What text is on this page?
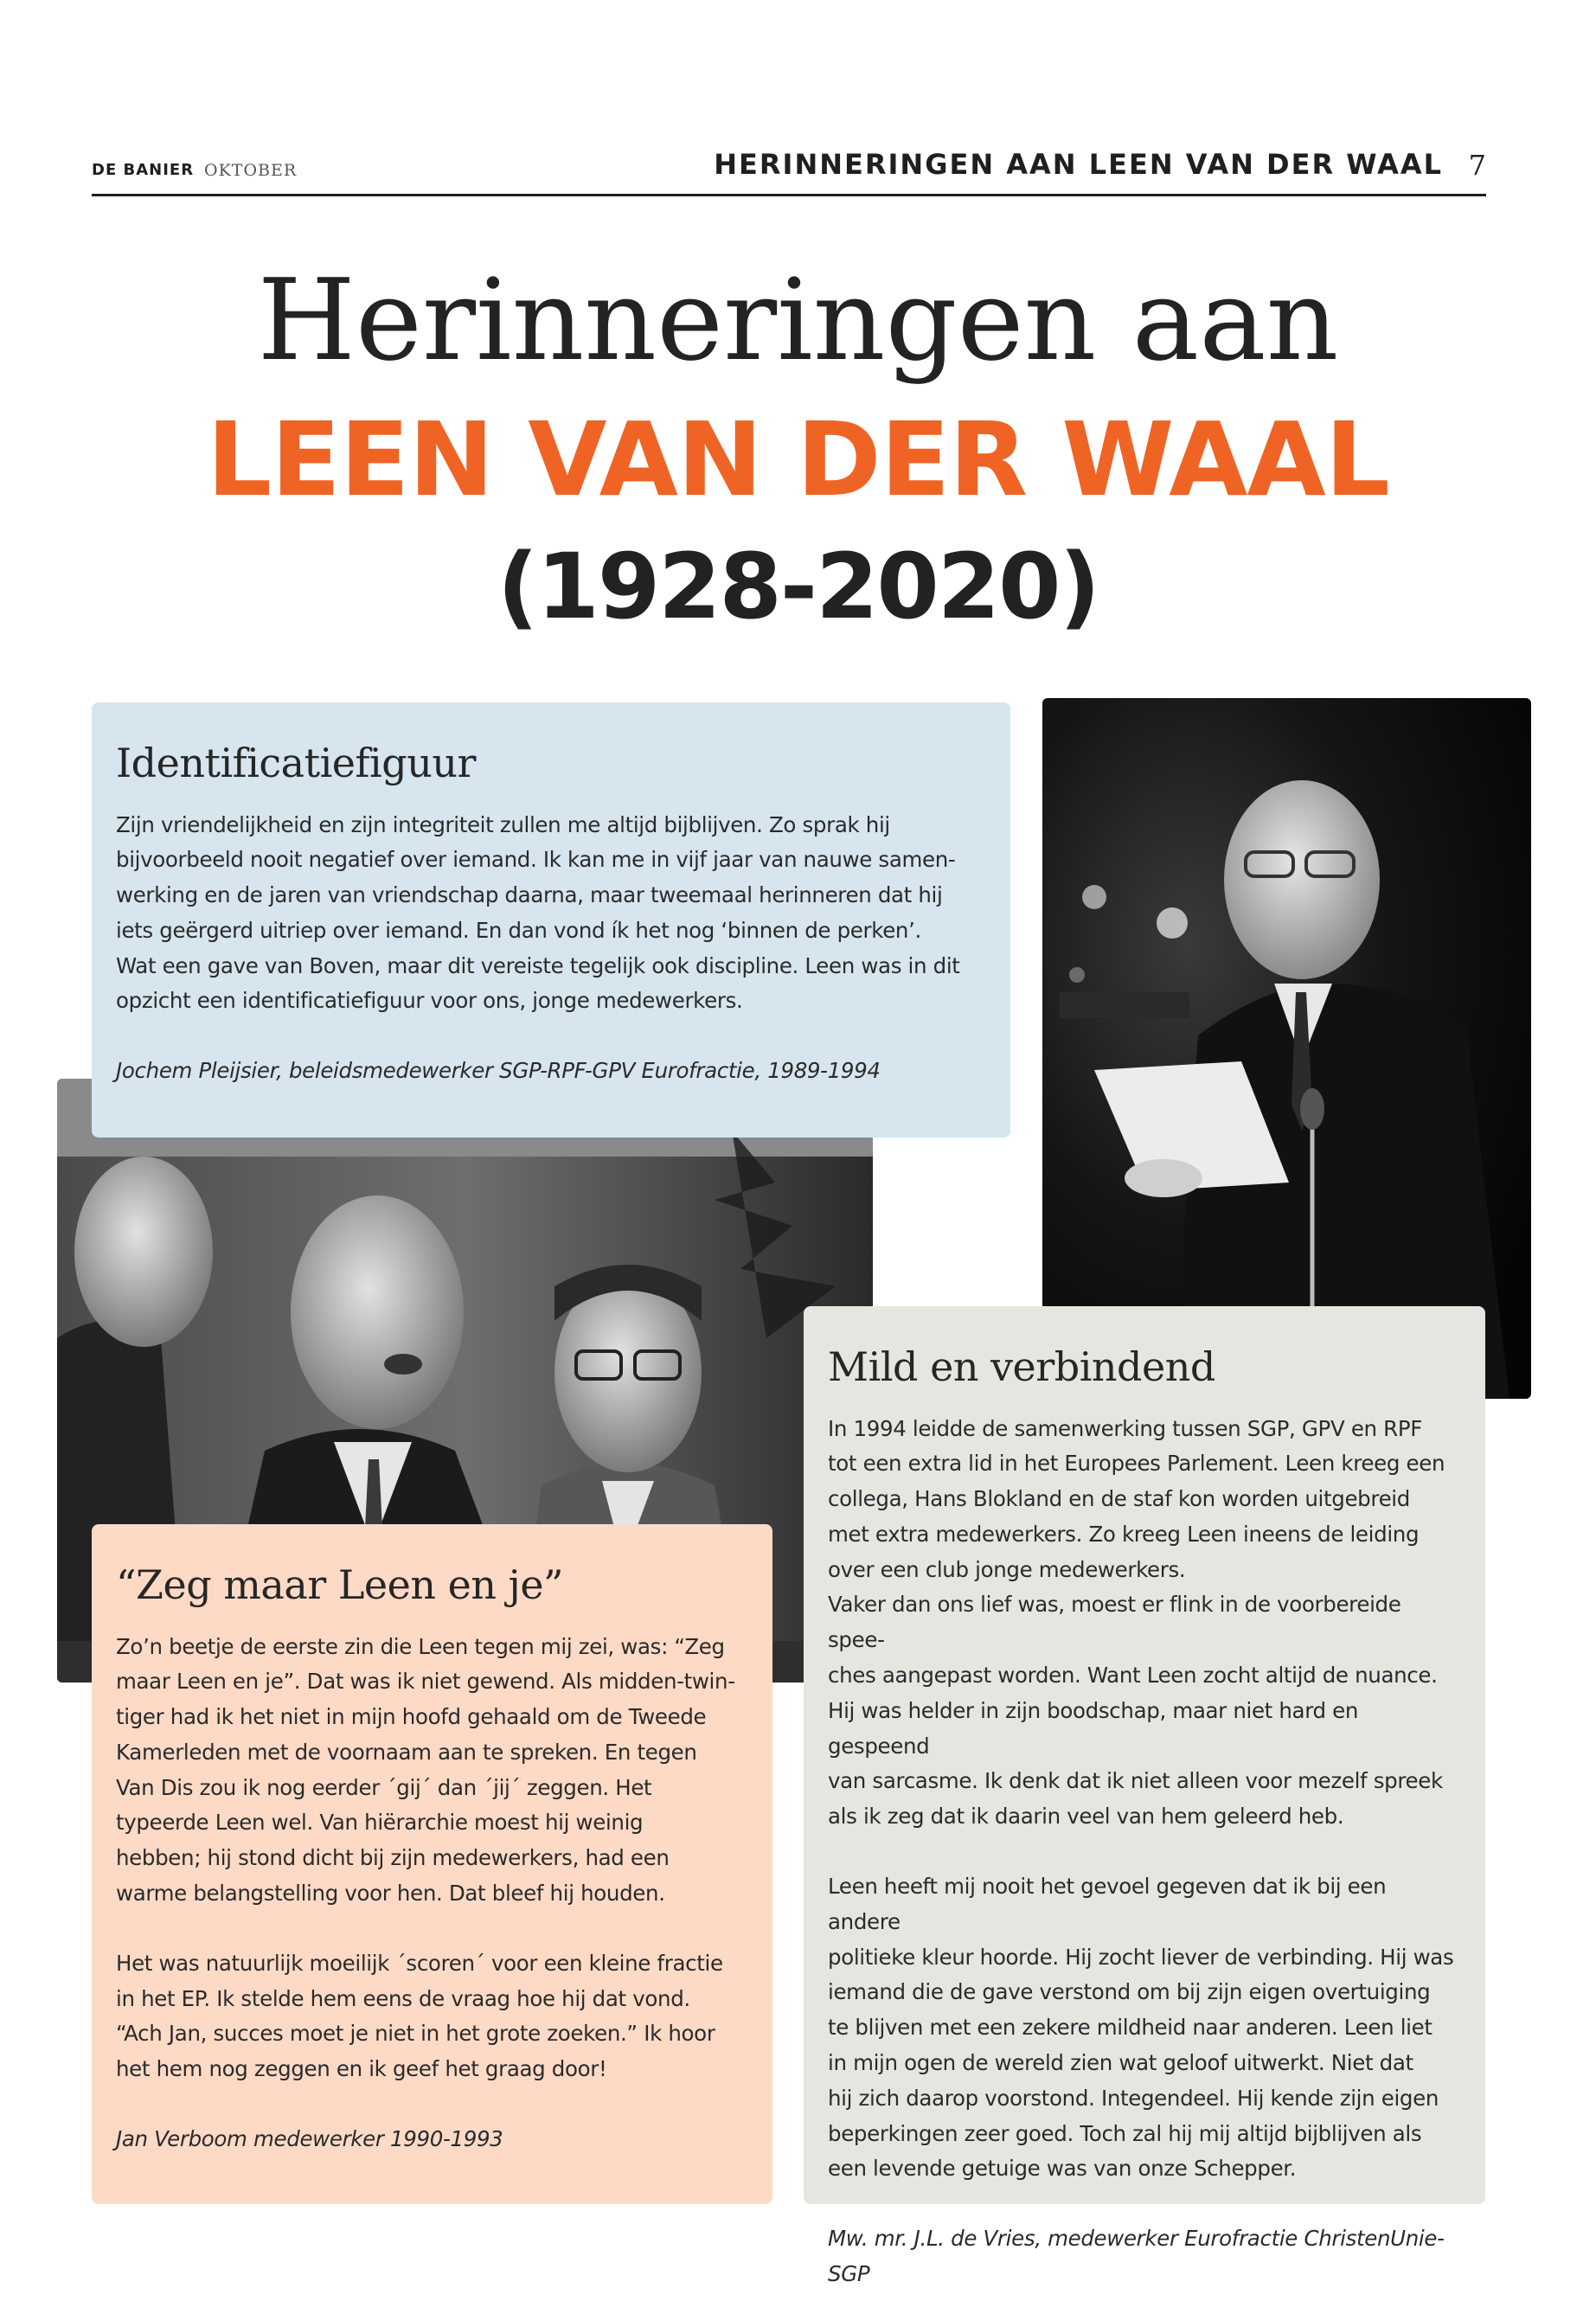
DE BANIER OKTOBER	HERINNERINGEN AAN LEEN VAN DER WAAL 7
Herinneringen aan
LEEN VAN DER WAAL
(1928-2020)
Identificatiefiguur

Zijn vriendelijkheid en zijn integriteit zullen me altijd bijblijven. Zo sprak hij
bijvoorbeeld nooit negatief over iemand. Ik kan me in vijf jaar van nauwe samen-
werking en de jaren van vriendschap daarna, maar tweemaal herinneren dat hij
iets geërgerd uitriep over iemand. En dan vond ík het nog ‘binnen de perken’.
Wat een gave van Boven, maar dit vereiste tegelijk ook discipline. Leen was in dit
opzicht een identificatiefiguur voor ons, jonge medewerkers.

Jochem Pleijsier, beleidsmedewerker SGP-RPF-GPV Eurofractie, 1989-1994

Mild en verbindend

In 1994 leidde de samenwerking tussen SGP, GPV en RPF
tot een extra lid in het Europees Parlement. Leen kreeg een
collega, Hans Blokland en de staf kon worden uitgebreid
met extra medewerkers. Zo kreeg Leen ineens de leiding
over een club jonge medewerkers.
Vaker dan ons lief was, moest er flink in de voorbereide spee-
ches aangepast worden. Want Leen zocht altijd de nuance.
Hij was helder in zijn boodschap, maar niet hard en gespeend
van sarcasme. Ik denk dat ik niet alleen voor mezelf spreek
als ik zeg dat ik daarin veel van hem geleerd heb.

Leen heeft mij nooit het gevoel gegeven dat ik bij een andere
politieke kleur hoorde. Hij zocht liever de verbinding. Hij was
iemand die de gave verstond om bij zijn eigen overtuiging
te blijven met een zekere mildheid naar anderen. Leen liet
in mijn ogen de wereld zien wat geloof uitwerkt. Niet dat
hij zich daarop voorstond. Integendeel. Hij kende zijn eigen
beperkingen zeer goed. Toch zal hij mij altijd bijblijven als
een levende getuige was van onze Schepper.

Mw. mr. J.L. de Vries, medewerker Eurofractie ChristenUnie-SGP

“Zeg maar Leen en je”

Zo’n beetje de eerste zin die Leen tegen mij zei, was: “Zeg
maar Leen en je”. Dat was ik niet gewend. Als midden-twin-
tiger had ik het niet in mijn hoofd gehaald om de Tweede
Kamerleden met de voornaam aan te spreken. En tegen
Van Dis zou ik nog eerder ´gij´ dan ´jij´ zeggen. Het
typeerde Leen wel. Van hiërarchie moest hij weinig
hebben; hij stond dicht bij zijn medewerkers, had een
warme belangstelling voor hen. Dat bleef hij houden.

Het was natuurlijk moeilijk ´scoren´ voor een kleine fractie
in het EP. Ik stelde hem eens de vraag hoe hij dat vond.
“Ach Jan, succes moet je niet in het grote zoeken.” Ik hoor
het hem nog zeggen en ik geef het graag door!

Jan Verboom medewerker 1990-1993
